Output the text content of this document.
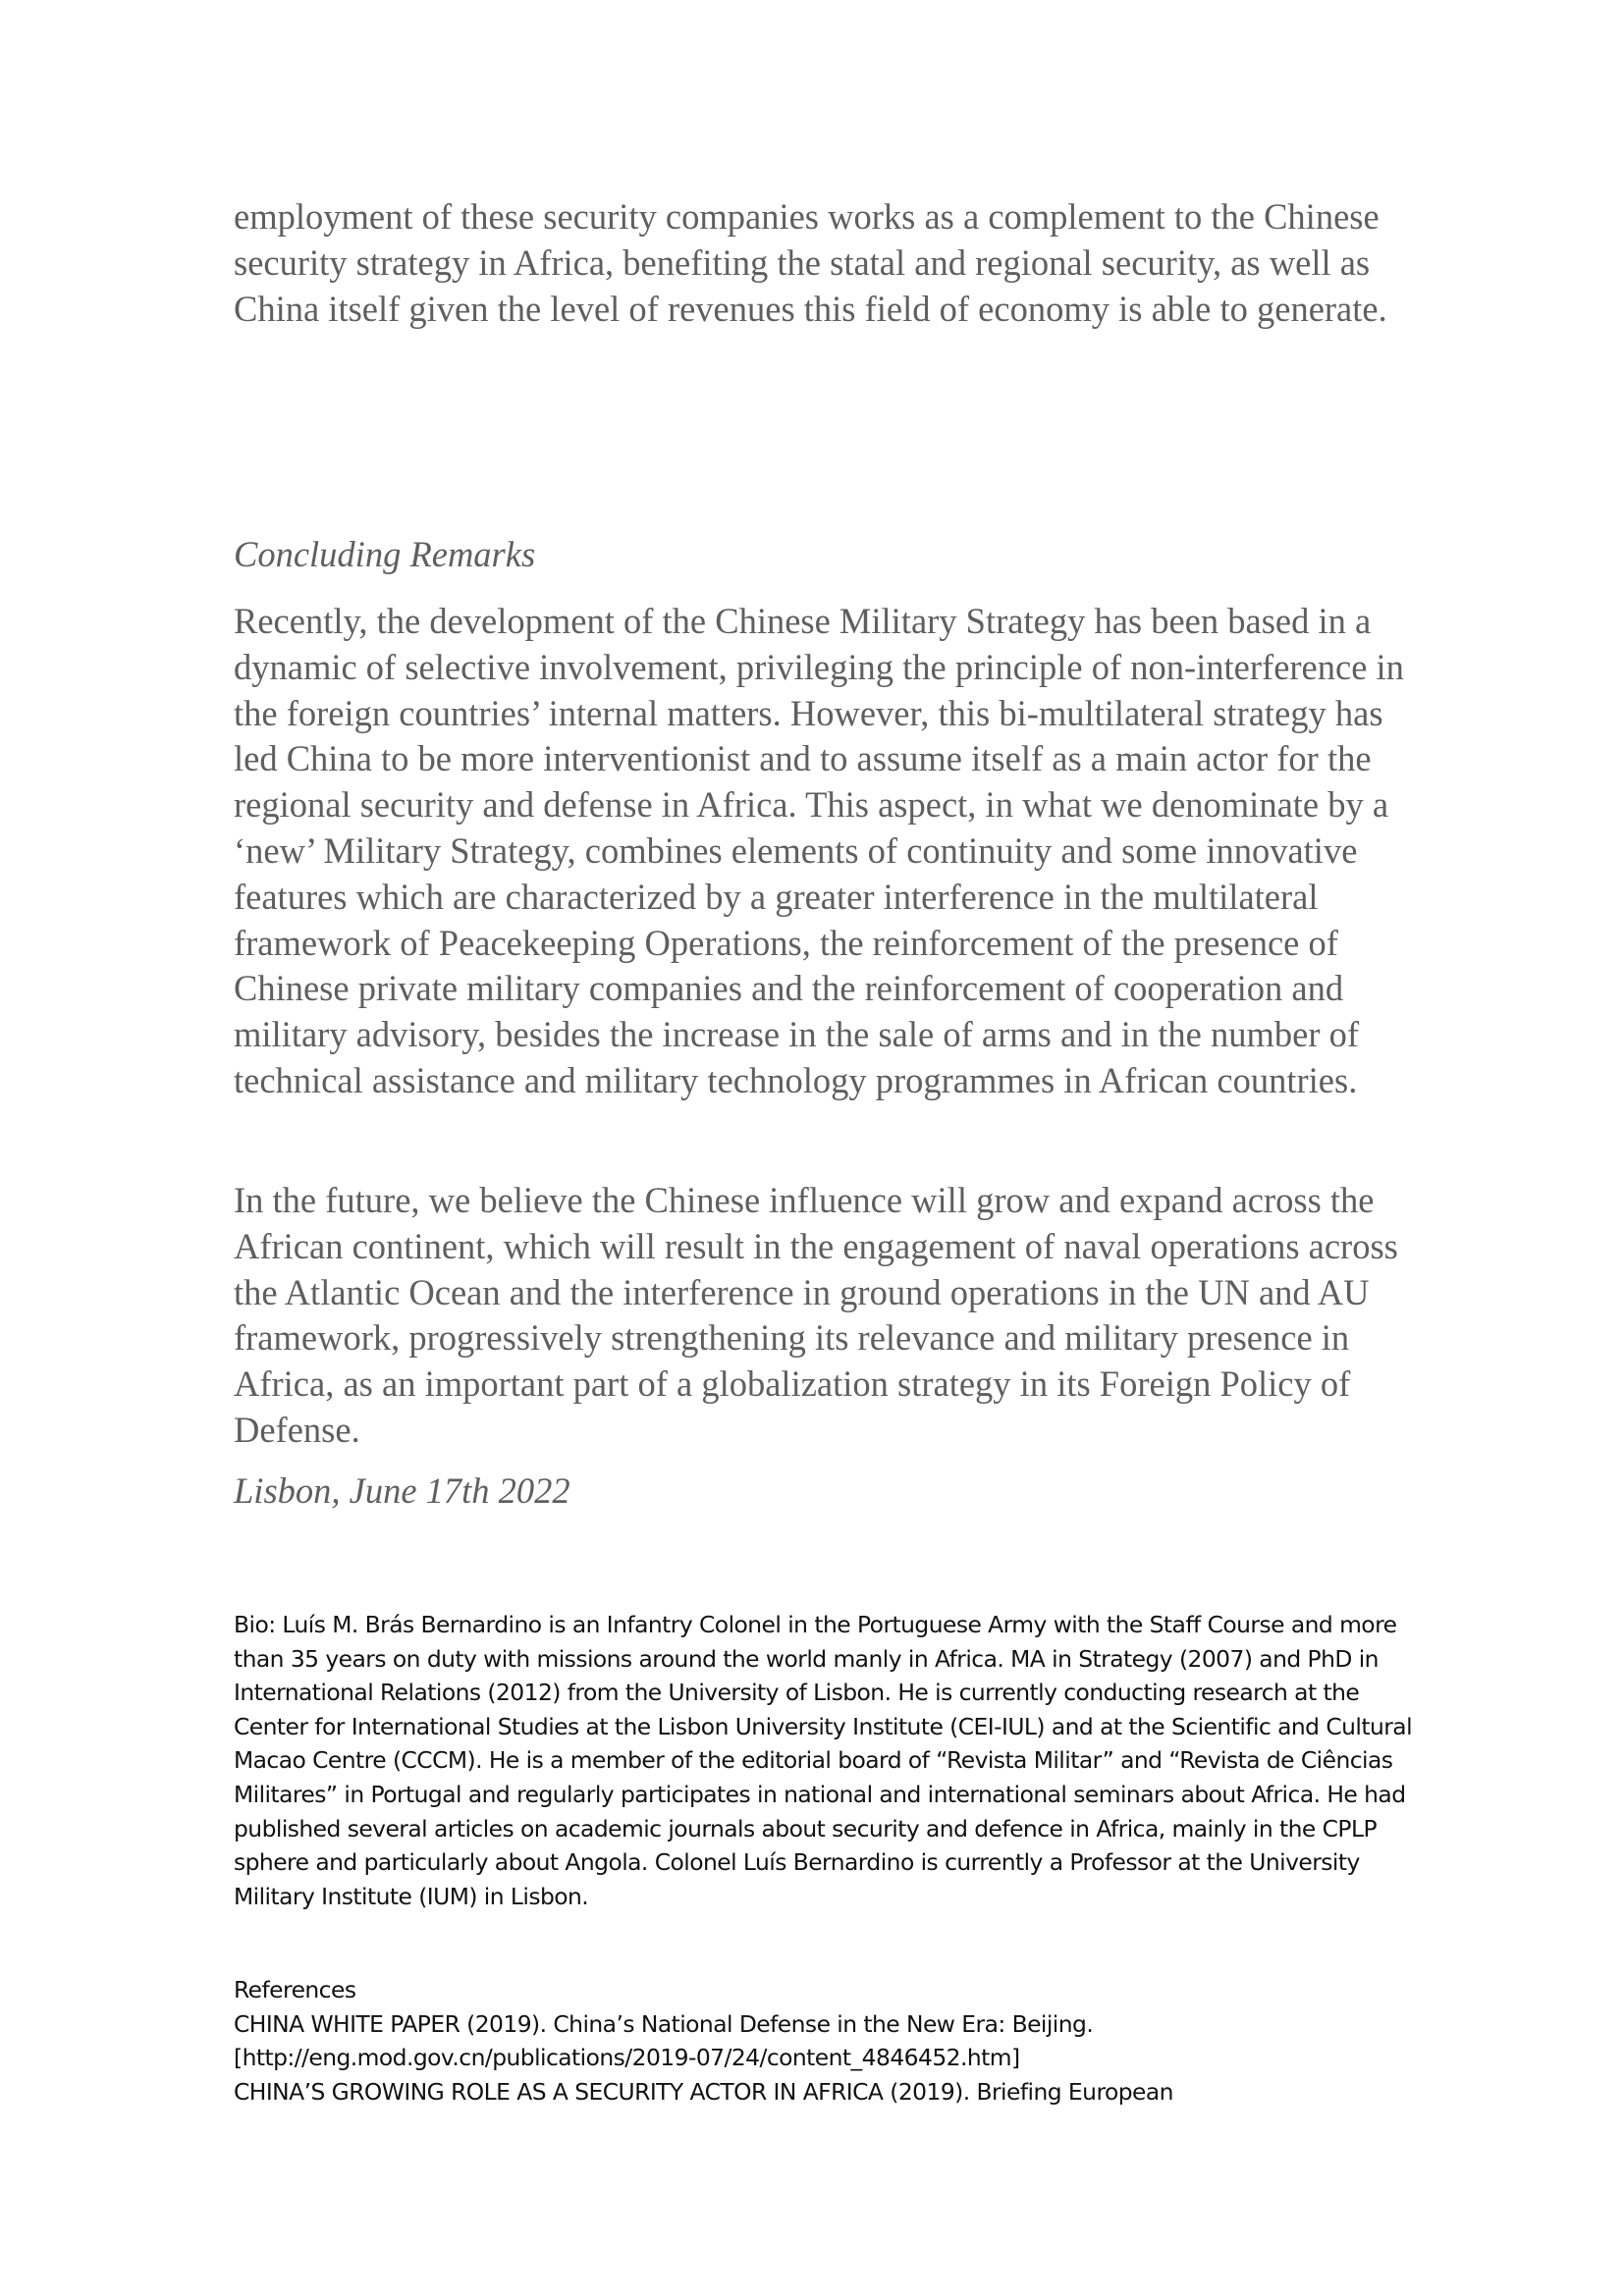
employment of these security companies works as a complement to the Chinese security strategy in Africa, benefiting the statal and regional security, as well as China itself given the level of revenues this field of economy is able to generate.

Concluding Remarks

Recently, the development of the Chinese Military Strategy has been based in a dynamic of selective involvement, privileging the principle of non-interference in the foreign countries’ internal matters. However, this bi-multilateral strategy has led China to be more interventionist and to assume itself as a main actor for the regional security and defense in Africa. This aspect, in what we denominate by a ‘new’ Military Strategy, combines elements of continuity and some innovative features which are characterized by a greater interference in the multilateral framework of Peacekeeping Operations, the reinforcement of the presence of Chinese private military companies and the reinforcement of cooperation and military advisory, besides the increase in the sale of arms and in the number of technical assistance and military technology programmes in African countries.

In the future, we believe the Chinese influence will grow and expand across the African continent, which will result in the engagement of naval operations across the Atlantic Ocean and the interference in ground operations in the UN and AU framework, progressively strengthening its relevance and military presence in Africa, as an important part of a globalization strategy in its Foreign Policy of Defense.

Lisbon, June 17th 2022

Bio: Luís M. Brás Bernardino is an Infantry Colonel in the Portuguese Army with the Staff Course and more than 35 years on duty with missions around the world manly in Africa. MA in Strategy (2007) and PhD in International Relations (2012) from the University of Lisbon. He is currently conducting research at the Center for International Studies at the Lisbon University Institute (CEI-IUL) and at the Scientific and Cultural Macao Centre (CCCM). He is a member of the editorial board of “Revista Militar” and “Revista de Ciências Militares” in Portugal and regularly participates in national and international seminars about Africa. He had published several articles on academic journals about security and defence in Africa, mainly in the CPLP sphere and particularly about Angola. Colonel Luís Bernardino is currently a Professor at the University Military Institute (IUM) in Lisbon.

References
CHINA WHITE PAPER (2019). China’s National Defense in the New Era: Beijing.
[http://eng.mod.gov.cn/publications/2019-07/24/content_4846452.htm]
CHINA’S GROWING ROLE AS A SECURITY ACTOR IN AFRICA (2019). Briefing European
